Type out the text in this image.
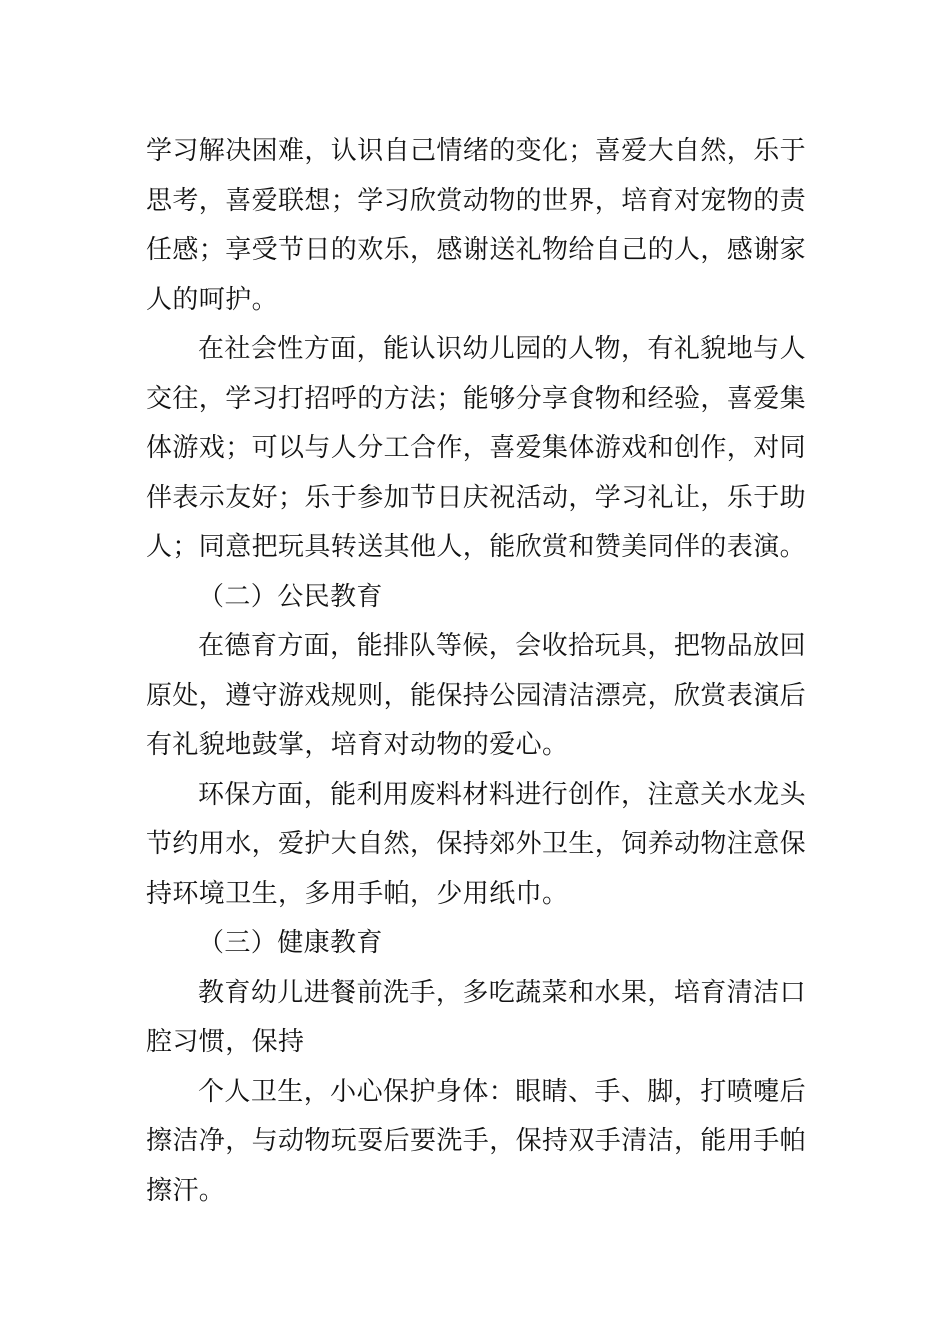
学习解决困难，认识自己情绪的变化；喜爱大自然，乐于思考，喜爱联想；学习欣赏动物的世界，培育对宠物的责任感；享受节日的欢乐，感谢送礼物给自己的人，感谢家人的呵护。

在社会性方面，能认识幼儿园的人物，有礼貌地与人交往，学习打招呼的方法；能够分享食物和经验，喜爱集体游戏；可以与人分工合作，喜爱集体游戏和创作，对同伴表示友好；乐于参加节日庆祝活动，学习礼让，乐于助人；同意把玩具转送其他人，能欣赏和赞美同伴的表演。

（二）公民教育

在德育方面，能排队等候，会收拾玩具，把物品放回原处，遵守游戏规则，能保持公园清洁漂亮，欣赏表演后有礼貌地鼓掌，培育对动物的爱心。

环保方面，能利用废料材料进行创作，注意关水龙头节约用水，爱护大自然，保持郊外卫生，饲养动物注意保持环境卫生，多用手帕，少用纸巾。

（三）健康教育

教育幼儿进餐前洗手，多吃蔬菜和水果，培育清洁口腔习惯，保持

个人卫生，小心保护身体：眼睛、手、脚，打喷嚏后擦洁净，与动物玩耍后要洗手，保持双手清洁，能用手帕擦汗。
